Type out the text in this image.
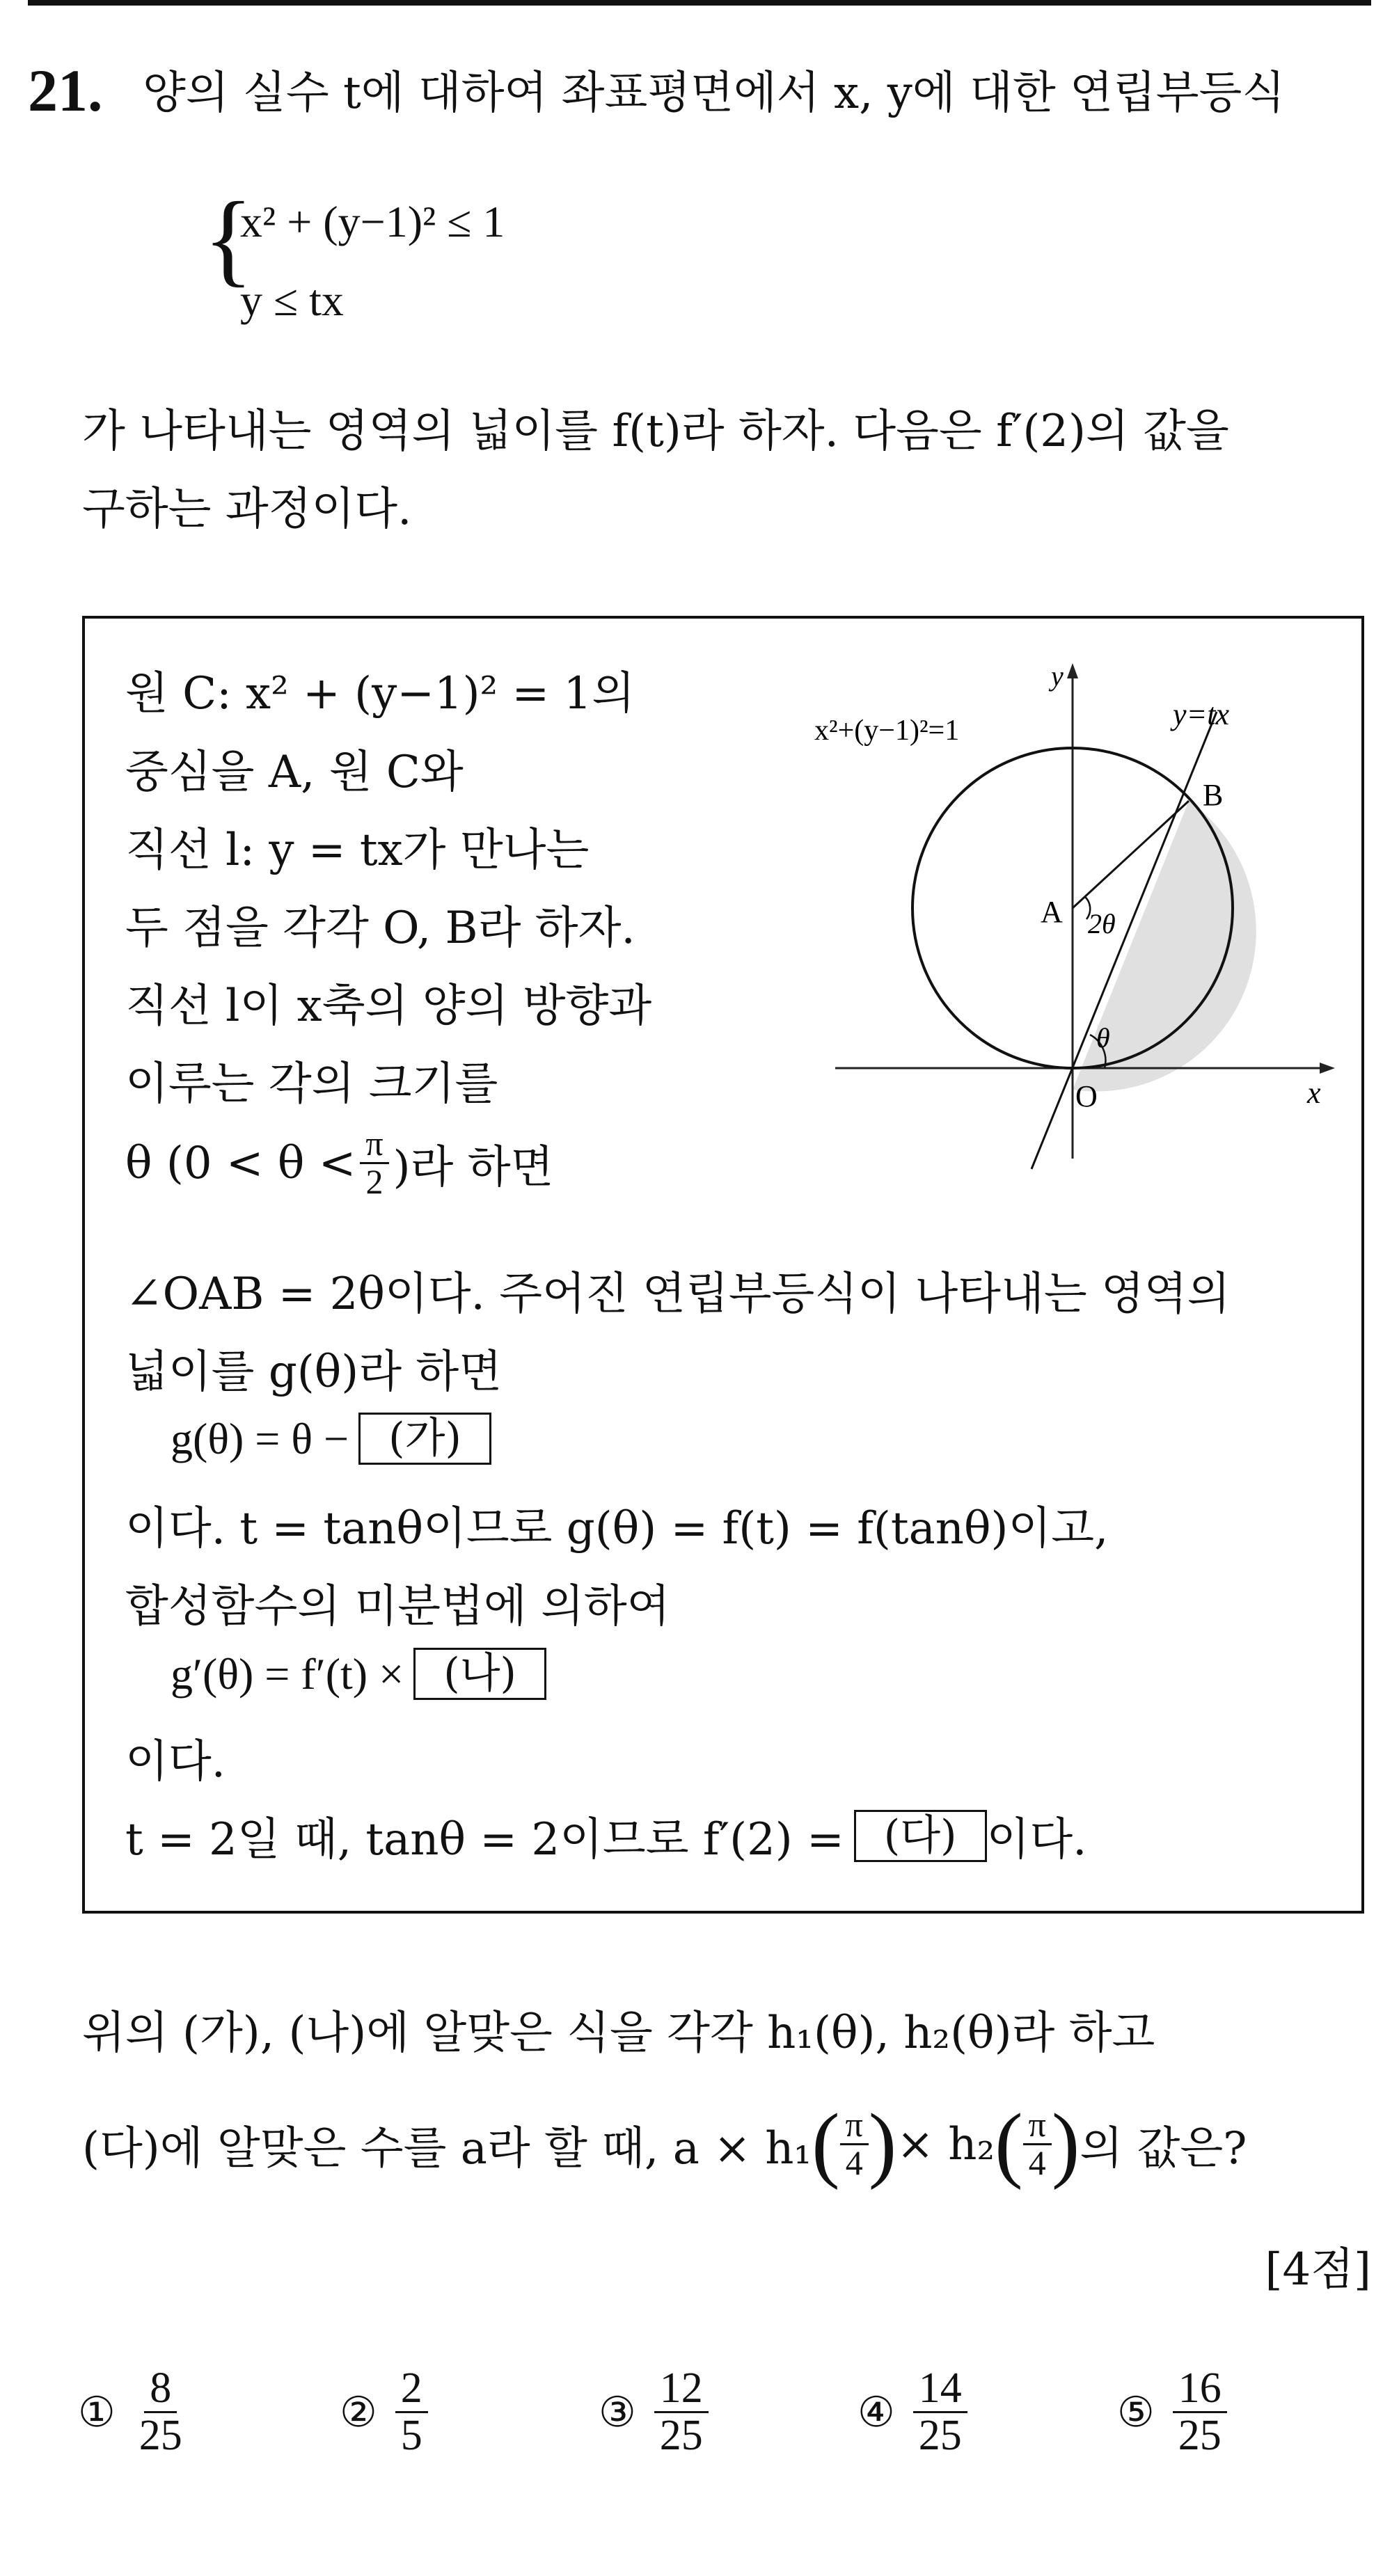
21. 양의 실수 t에 대하여 좌표평면에서 x, y에 대한 연립부등식
{
x² + (y−1)² ≤ 1
y ≤ tx
가 나타내는 영역의 넓이를 f(t)라 하자. 다음은 f′(2)의 값을
구하는 과정이다.
원 C: x² + (y−1)² = 1의
중심을 A, 원 C와
직선 l: y = tx가 만나는
두 점을 각각 O, B라 하자.
직선 l이 x축의 양의 방향과
이루는 각의 크기를
θ ($0 < \theta < \frac{\pi}{2}$ )라 하면
∠OAB = 2θ이다. 주어진 연립부등식이 나타내는 영역의
넓이를 g(θ)라 하면
g(θ) = θ − (가)
이다. t = tanθ이므로 g(θ) = f(t) = f(tanθ)이고,
합성함수의 미분법에 의하여
g′(θ) = f′(t) × (나)
이다.
t = 2일 때, tanθ = 2이므로 f′(2) = (다) 이다.
x²+(y−1)²=1	y=tx
y
x
A
B
O
2θ
θ
위의 (가), (나)에 알맞은 식을 각각 h₁(θ), h₂(θ)라 하고
(다)에 알맞은 수를 a라 할 때, a × h₁ ( $\frac{\pi}{4}$ ) × h₂ ( $\frac{\pi}{4}$ ) 의 값은?
[4점]
① $\frac{8}{25}$	② $\frac{2}{5}$	③ $\frac{12}{25}$	④ $\frac{14}{25}$	⑤ $\frac{16}{25}$
